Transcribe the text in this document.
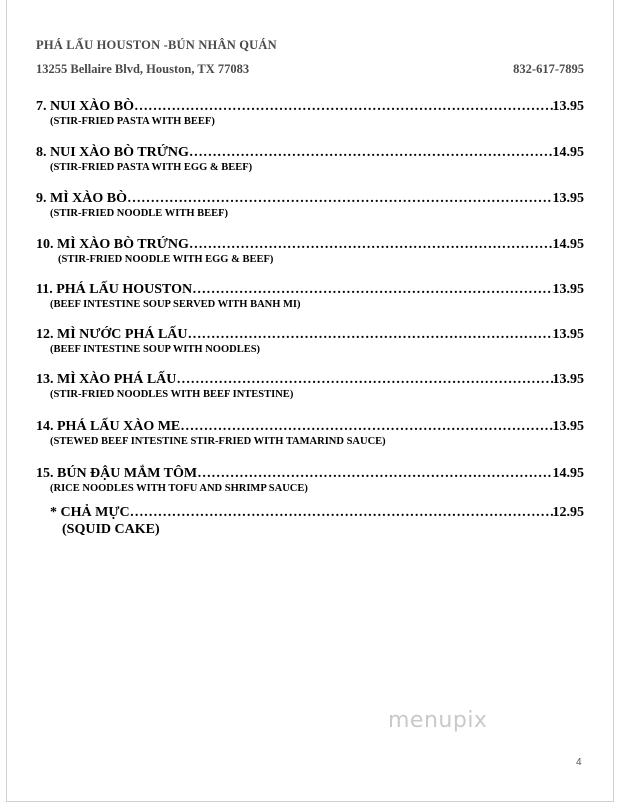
PHÁ LẤU HOUSTON -BÚN NHÂN QUÁN
13255 Bellaire Blvd, Houston, TX 77083	832-617-7895
7. NUI XÀO BÒ ……………………………………………………………………………………………………………………………………………………………………	13.95
(STIR-FRIED PASTA WITH BEEF)
8. NUI XÀO BÒ TRỨNG ……………………………………………………………………………………………………………………………………………………………………	14.95
(STIR-FRIED PASTA WITH EGG & BEEF)
9. MÌ XÀO BÒ ……………………………………………………………………………………………………………………………………………………………………	13.95
(STIR-FRIED NOODLE WITH BEEF)
10. MÌ XÀO BÒ TRỨNG ……………………………………………………………………………………………………………………………………………………………………	14.95
(STIR-FRIED NOODLE WITH EGG & BEEF)
11. PHÁ LẤU HOUSTON ……………………………………………………………………………………………………………………………………………………………………	13.95
(BEEF INTESTINE SOUP SERVED WITH BANH MI)
12. MÌ NƯỚC PHÁ LẤU ……………………………………………………………………………………………………………………………………………………………………	13.95
(BEEF INTESTINE SOUP WITH NOODLES)
13. MÌ XÀO PHÁ LẤU ……………………………………………………………………………………………………………………………………………………………………	13.95
(STIR-FRIED NOODLES WITH BEEF INTESTINE)
14. PHÁ LẤU XÀO ME ……………………………………………………………………………………………………………………………………………………………………	13.95
(STEWED BEEF INTESTINE STIR-FRIED WITH TAMARIND SAUCE)
15. BÚN ĐẬU MẮM TÔM ……………………………………………………………………………………………………………………………………………………………………	14.95
(RICE NOODLES WITH TOFU AND SHRIMP SAUCE)
* CHẢ MỰC ……………………………………………………………………………………………………………………………………………………………………	12.95
(SQUID CAKE)
menupix
4
